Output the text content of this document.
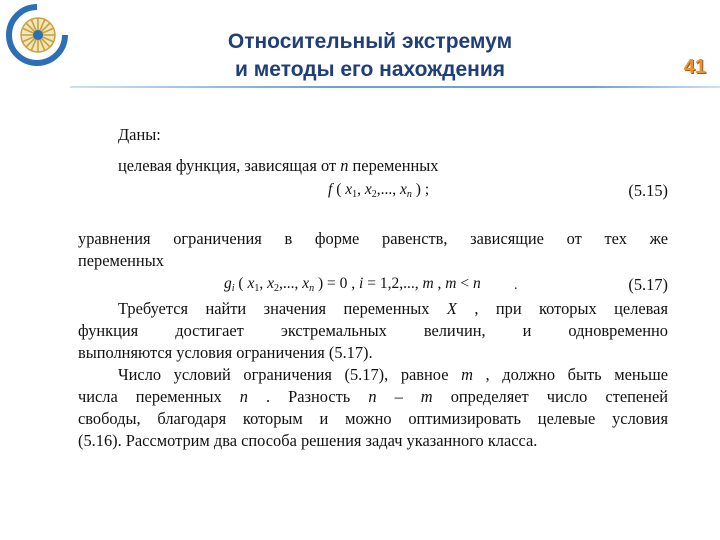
Относительный экстремум
и методы его нахождения	41

Даны:

целевая функция, зависящая от n переменных

f ( $x_1$, $x_2$,..., $x_n$ ) ;	(5.15)

уравнения ограничения в форме равенств, зависящие от тех же

переменных

$g_i$ ( $x_1$, $x_2$,..., $x_n$ ) = 0 , i = 1,2,..., m , m < n .	(5.17)

Требуется найти значения переменных X , при которых целевая

функция достигает экстремальных величин, и одновременно

выполняются условия ограничения (5.17).

Число условий ограничения (5.17), равное m , должно быть меньше

числа переменных n . Разность n – m определяет число степеней

свободы, благодаря которым и можно оптимизировать целевые условия

(5.16). Рассмотрим два способа решения задач указанного класса.
